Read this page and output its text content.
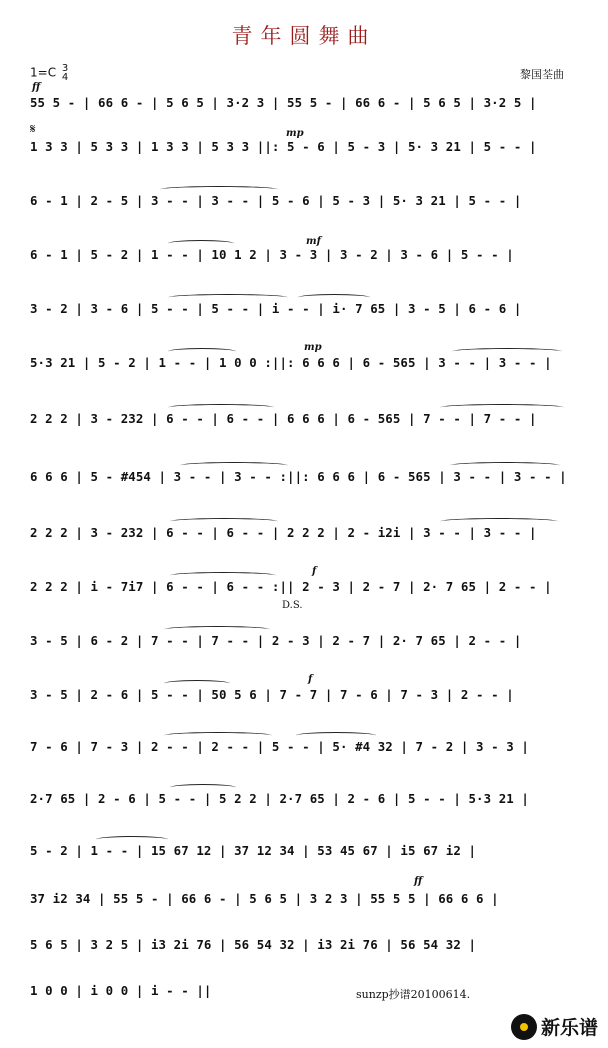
青年圆舞曲
1=C 3
4	黎国荃曲
ff
𝄋	mp
mf
mp
f
f
ff
D.S.
55 5 - | 66 6 - | 5 6 5 | 3·2 3 | 55 5 - | 66 6 - | 5 6 5 | 3·2 5 |
1 3 3 | 5 3 3 | 1 3 3 | 5 3 3 ||: 5 - 6 | 5 - 3 | 5· 3 21 | 5 - - |
6 - 1 | 2 - 5 | 3 - - | 3 - - | 5 - 6 | 5 - 3 | 5· 3 21 | 5 - - |
6 - 1 | 5 - 2 | 1 - - | 10 1 2 | 3 - 3 | 3 - 2 | 3 - 6 | 5 - - |
3 - 2 | 3 - 6 | 5 - - | 5 - - | i - - | i· 7 65 | 3 - 5 | 6 - 6 |
5·3 21 | 5 - 2 | 1 - - | 1 0 0 :||: 6 6 6 | 6 - 565 | 3 - - | 3 - - |
2 2 2 | 3 - 232 | 6 - - | 6 - - | 6 6 6 | 6 - 565 | 7 - - | 7 - - |
6 6 6 | 5 - #454 | 3 - - | 3 - - :||: 6 6 6 | 6 - 565 | 3 - - | 3 - - |
2 2 2 | 3 - 232 | 6 - - | 6 - - | 2 2 2 | 2 - i2i | 3 - - | 3 - - |
2 2 2 | i - 7i7 | 6 - - | 6 - - :|| 2 - 3 | 2 - 7 | 2· 7 65 | 2 - - |
3 - 5 | 6 - 2 | 7 - - | 7 - - | 2 - 3 | 2 - 7 | 2· 7 65 | 2 - - |
3 - 5 | 2 - 6 | 5 - - | 50 5 6 | 7 - 7 | 7 - 6 | 7 - 3 | 2 - - |
7 - 6 | 7 - 3 | 2 - - | 2 - - | 5 - - | 5· #4 32 | 7 - 2 | 3 - 3 |
2·7 65 | 2 - 6 | 5 - - | 5 2 2 | 2·7 65 | 2 - 6 | 5 - - | 5·3 21 |
5 - 2 | 1 - - | 15 67 12 | 37 12 34 | 53 45 67 | i5 67 i2 |
37 i2 34 | 55 5 - | 66 6 - | 5 6 5 | 3 2 3 | 55 5 5 | 66 6 6 |
5 6 5 | 3 2 5 | i3 2i 76 | 56 54 32 | i3 2i 76 | 56 54 32 |
1 0 0 | i 0 0 | i - - ||	sunzp抄谱20100614.
新乐谱
